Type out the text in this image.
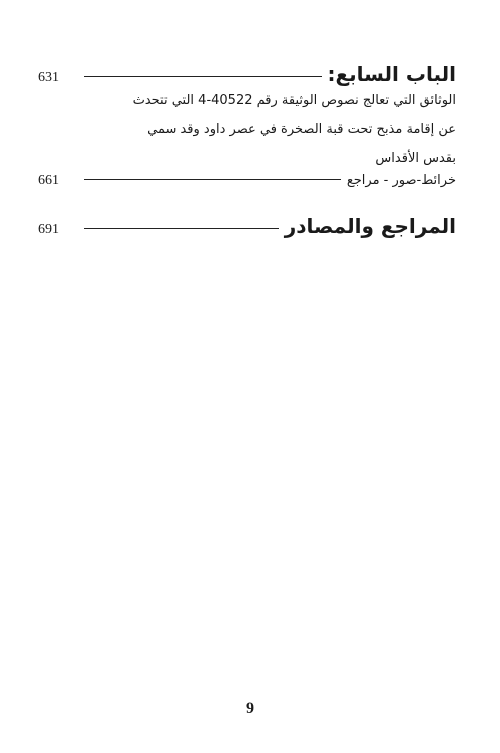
631	الباب السابع:
الوثائق التي تعالج نصوص الوثيقة رقم 40522-4 التي تتحدث
عن إقامة مذبح تحت قبة الصخرة في عصر داود وقد سمي
بقدس الأقداس
661	خرائط-صور - مراجع
691	المراجع والمصادر
9
